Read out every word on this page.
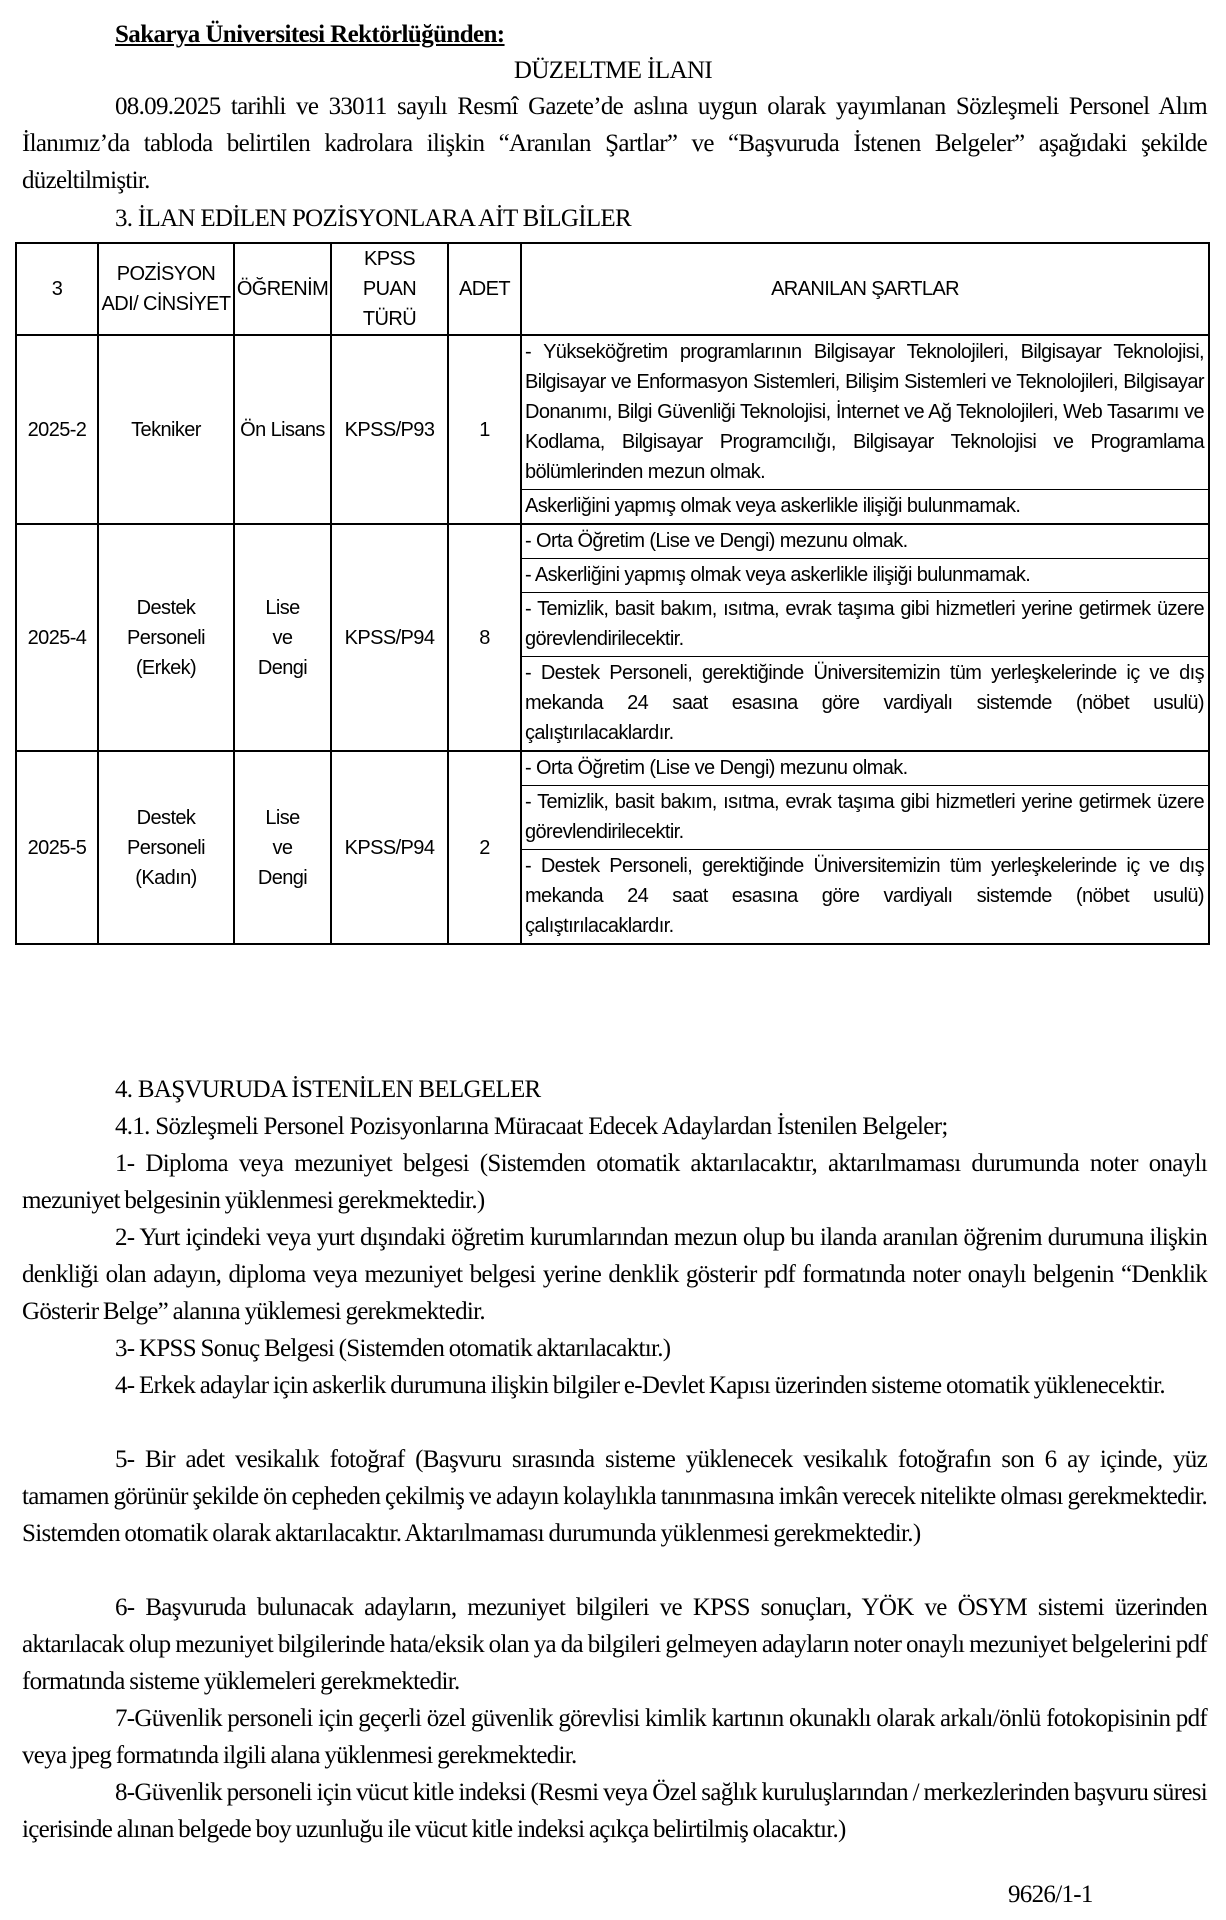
Sakarya Üniversitesi Rektörlüğünden:
DÜZELTME İLANI
08.09.2025 tarihli ve 33011 sayılı Resmî Gazete’de aslına uygun olarak yayımlanan Sözleşmeli Personel Alım İlanımız’da tabloda belirtilen kadrolara ilişkin “Aranılan Şartlar” ve “Başvuruda İstenen Belgeler” aşağıdaki şekilde düzeltilmiştir.
3. İLAN EDİLEN POZİSYONLARA AİT BİLGİLER
3	POZİSYON ADI/ CİNSİYET	ÖĞRENİM	KPSS PUAN TÜRÜ	ADET	ARANILAN ŞARTLAR
2025-2	Tekniker	Ön Lisans	KPSS/P93	1	- Yükseköğretim programlarının Bilgisayar Teknolojileri, Bilgisayar Teknolojisi, Bilgisayar ve Enformasyon Sistemleri, Bilişim Sistemleri ve Teknolojileri, Bilgisayar Donanımı, Bilgi Güvenliği Teknolojisi, İnternet ve Ağ Teknolojileri, Web Tasarımı ve Kodlama, Bilgisayar Programcılığı, Bilgisayar Teknolojisi ve Programlama bölümlerinden mezun olmak.
Askerliğini yapmış olmak veya askerlikle ilişiği bulunmamak.

2025-4	Destek Personeli (Erkek)	Lise ve Dengi	KPSS/P94	8	- Orta Öğretim (Lise ve Dengi) mezunu olmak.
- Askerliğini yapmış olmak veya askerlikle ilişiği bulunmamak.
- Temizlik, basit bakım, ısıtma, evrak taşıma gibi hizmetleri yerine getirmek üzere görevlendirilecektir.
- Destek Personeli, gerektiğinde Üniversitemizin tüm yerleşkelerinde iç ve dış mekanda 24 saat esasına göre vardiyalı sistemde (nöbet usulü) çalıştırılacaklardır.

2025-5	Destek Personeli (Kadın)	Lise ve Dengi	KPSS/P94	2	- Orta Öğretim (Lise ve Dengi) mezunu olmak.
- Temizlik, basit bakım, ısıtma, evrak taşıma gibi hizmetleri yerine getirmek üzere görevlendirilecektir.
- Destek Personeli, gerektiğinde Üniversitemizin tüm yerleşkelerinde iç ve dış mekanda 24 saat esasına göre vardiyalı sistemde (nöbet usulü) çalıştırılacaklardır.
4. BAŞVURUDA İSTENİLEN BELGELER
4.1. Sözleşmeli Personel Pozisyonlarına Müracaat Edecek Adaylardan İstenilen Belgeler;
1- Diploma veya mezuniyet belgesi (Sistemden otomatik aktarılacaktır, aktarılmaması durumunda noter onaylı mezuniyet belgesinin yüklenmesi gerekmektedir.)
2- Yurt içindeki veya yurt dışındaki öğretim kurumlarından mezun olup bu ilanda aranılan öğrenim durumuna ilişkin denkliği olan adayın, diploma veya mezuniyet belgesi yerine denklik gösterir pdf formatında noter onaylı belgenin “Denklik Gösterir Belge” alanına yüklemesi gerekmektedir.
3- KPSS Sonuç Belgesi (Sistemden otomatik aktarılacaktır.)
4- Erkek adaylar için askerlik durumuna ilişkin bilgiler e-Devlet Kapısı üzerinden sisteme otomatik yüklenecektir.
5- Bir adet vesikalık fotoğraf (Başvuru sırasında sisteme yüklenecek vesikalık fotoğrafın son 6 ay içinde, yüz tamamen görünür şekilde ön cepheden çekilmiş ve adayın kolaylıkla tanınmasına imkân verecek nitelikte olması gerekmektedir. Sistemden otomatik olarak aktarılacaktır. Aktarılmaması durumunda yüklenmesi gerekmektedir.)
6- Başvuruda bulunacak adayların, mezuniyet bilgileri ve KPSS sonuçları, YÖK ve ÖSYM sistemi üzerinden aktarılacak olup mezuniyet bilgilerinde hata/eksik olan ya da bilgileri gelmeyen adayların noter onaylı mezuniyet belgelerini pdf formatında sisteme yüklemeleri gerekmektedir.
7-Güvenlik personeli için geçerli özel güvenlik görevlisi kimlik kartının okunaklı olarak arkalı/önlü fotokopisinin pdf veya jpeg formatında ilgili alana yüklenmesi gerekmektedir.
8-Güvenlik personeli için vücut kitle indeksi (Resmi veya Özel sağlık kuruluşlarından / merkezlerinden başvuru süresi içerisinde alınan belgede boy uzunluğu ile vücut kitle indeksi açıkça belirtilmiş olacaktır.)
9626/1-1
